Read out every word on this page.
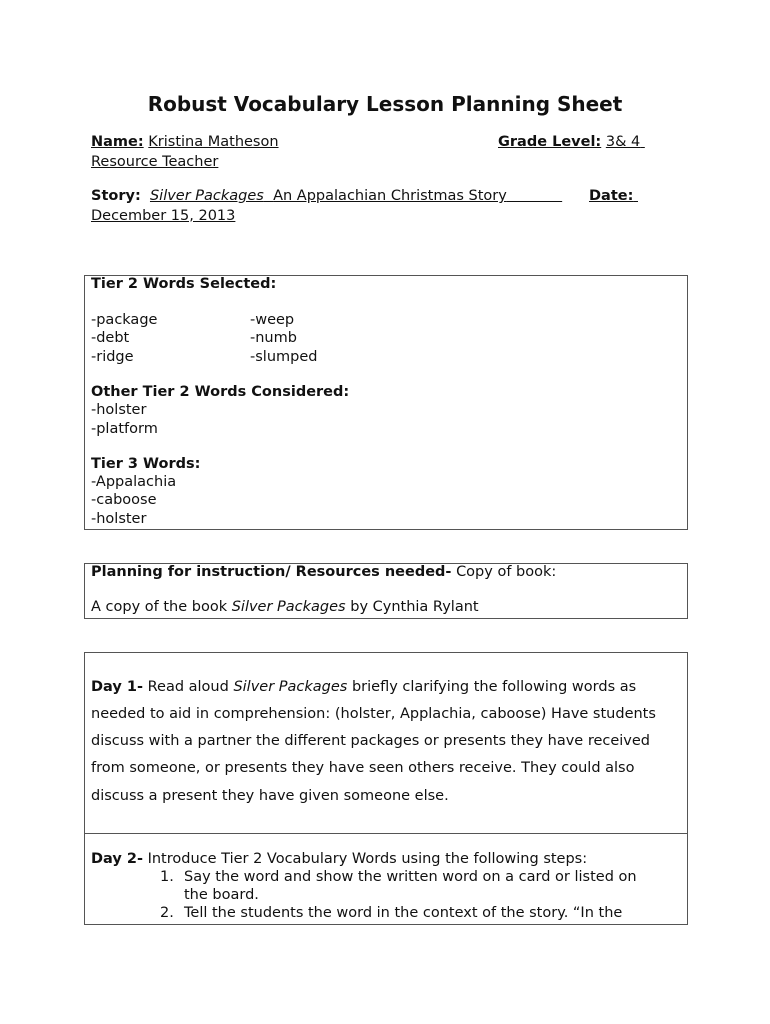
Robust Vocabulary Lesson Planning Sheet
Name: Kristina Matheson	Grade Level: 3& 4
Resource Teacher
Story: Silver Packages An Appalachian Christmas Story	Date:
December 15, 2013
Tier 2 Words Selected:
-package
-debt
-ridge
-weep
-numb
-slumped
Other Tier 2 Words Considered:
-holster
-platform
Tier 3 Words:
-Appalachia
-caboose
-holster
Planning for instruction/ Resources needed- Copy of book:
A copy of the book Silver Packages by Cynthia Rylant
Day 1- Read aloud Silver Packages briefly clarifying the following words as
needed to aid in comprehension: (holster, Applachia, caboose) Have students
discuss with a partner the different packages or presents they have received
from someone, or presents they have seen others receive. They could also
discuss a present they have given someone else.
Day 2- Introduce Tier 2 Vocabulary Words using the following steps:
1. Say the word and show the written word on a card or listed on
the board.
2. Tell the students the word in the context of the story. “In the
